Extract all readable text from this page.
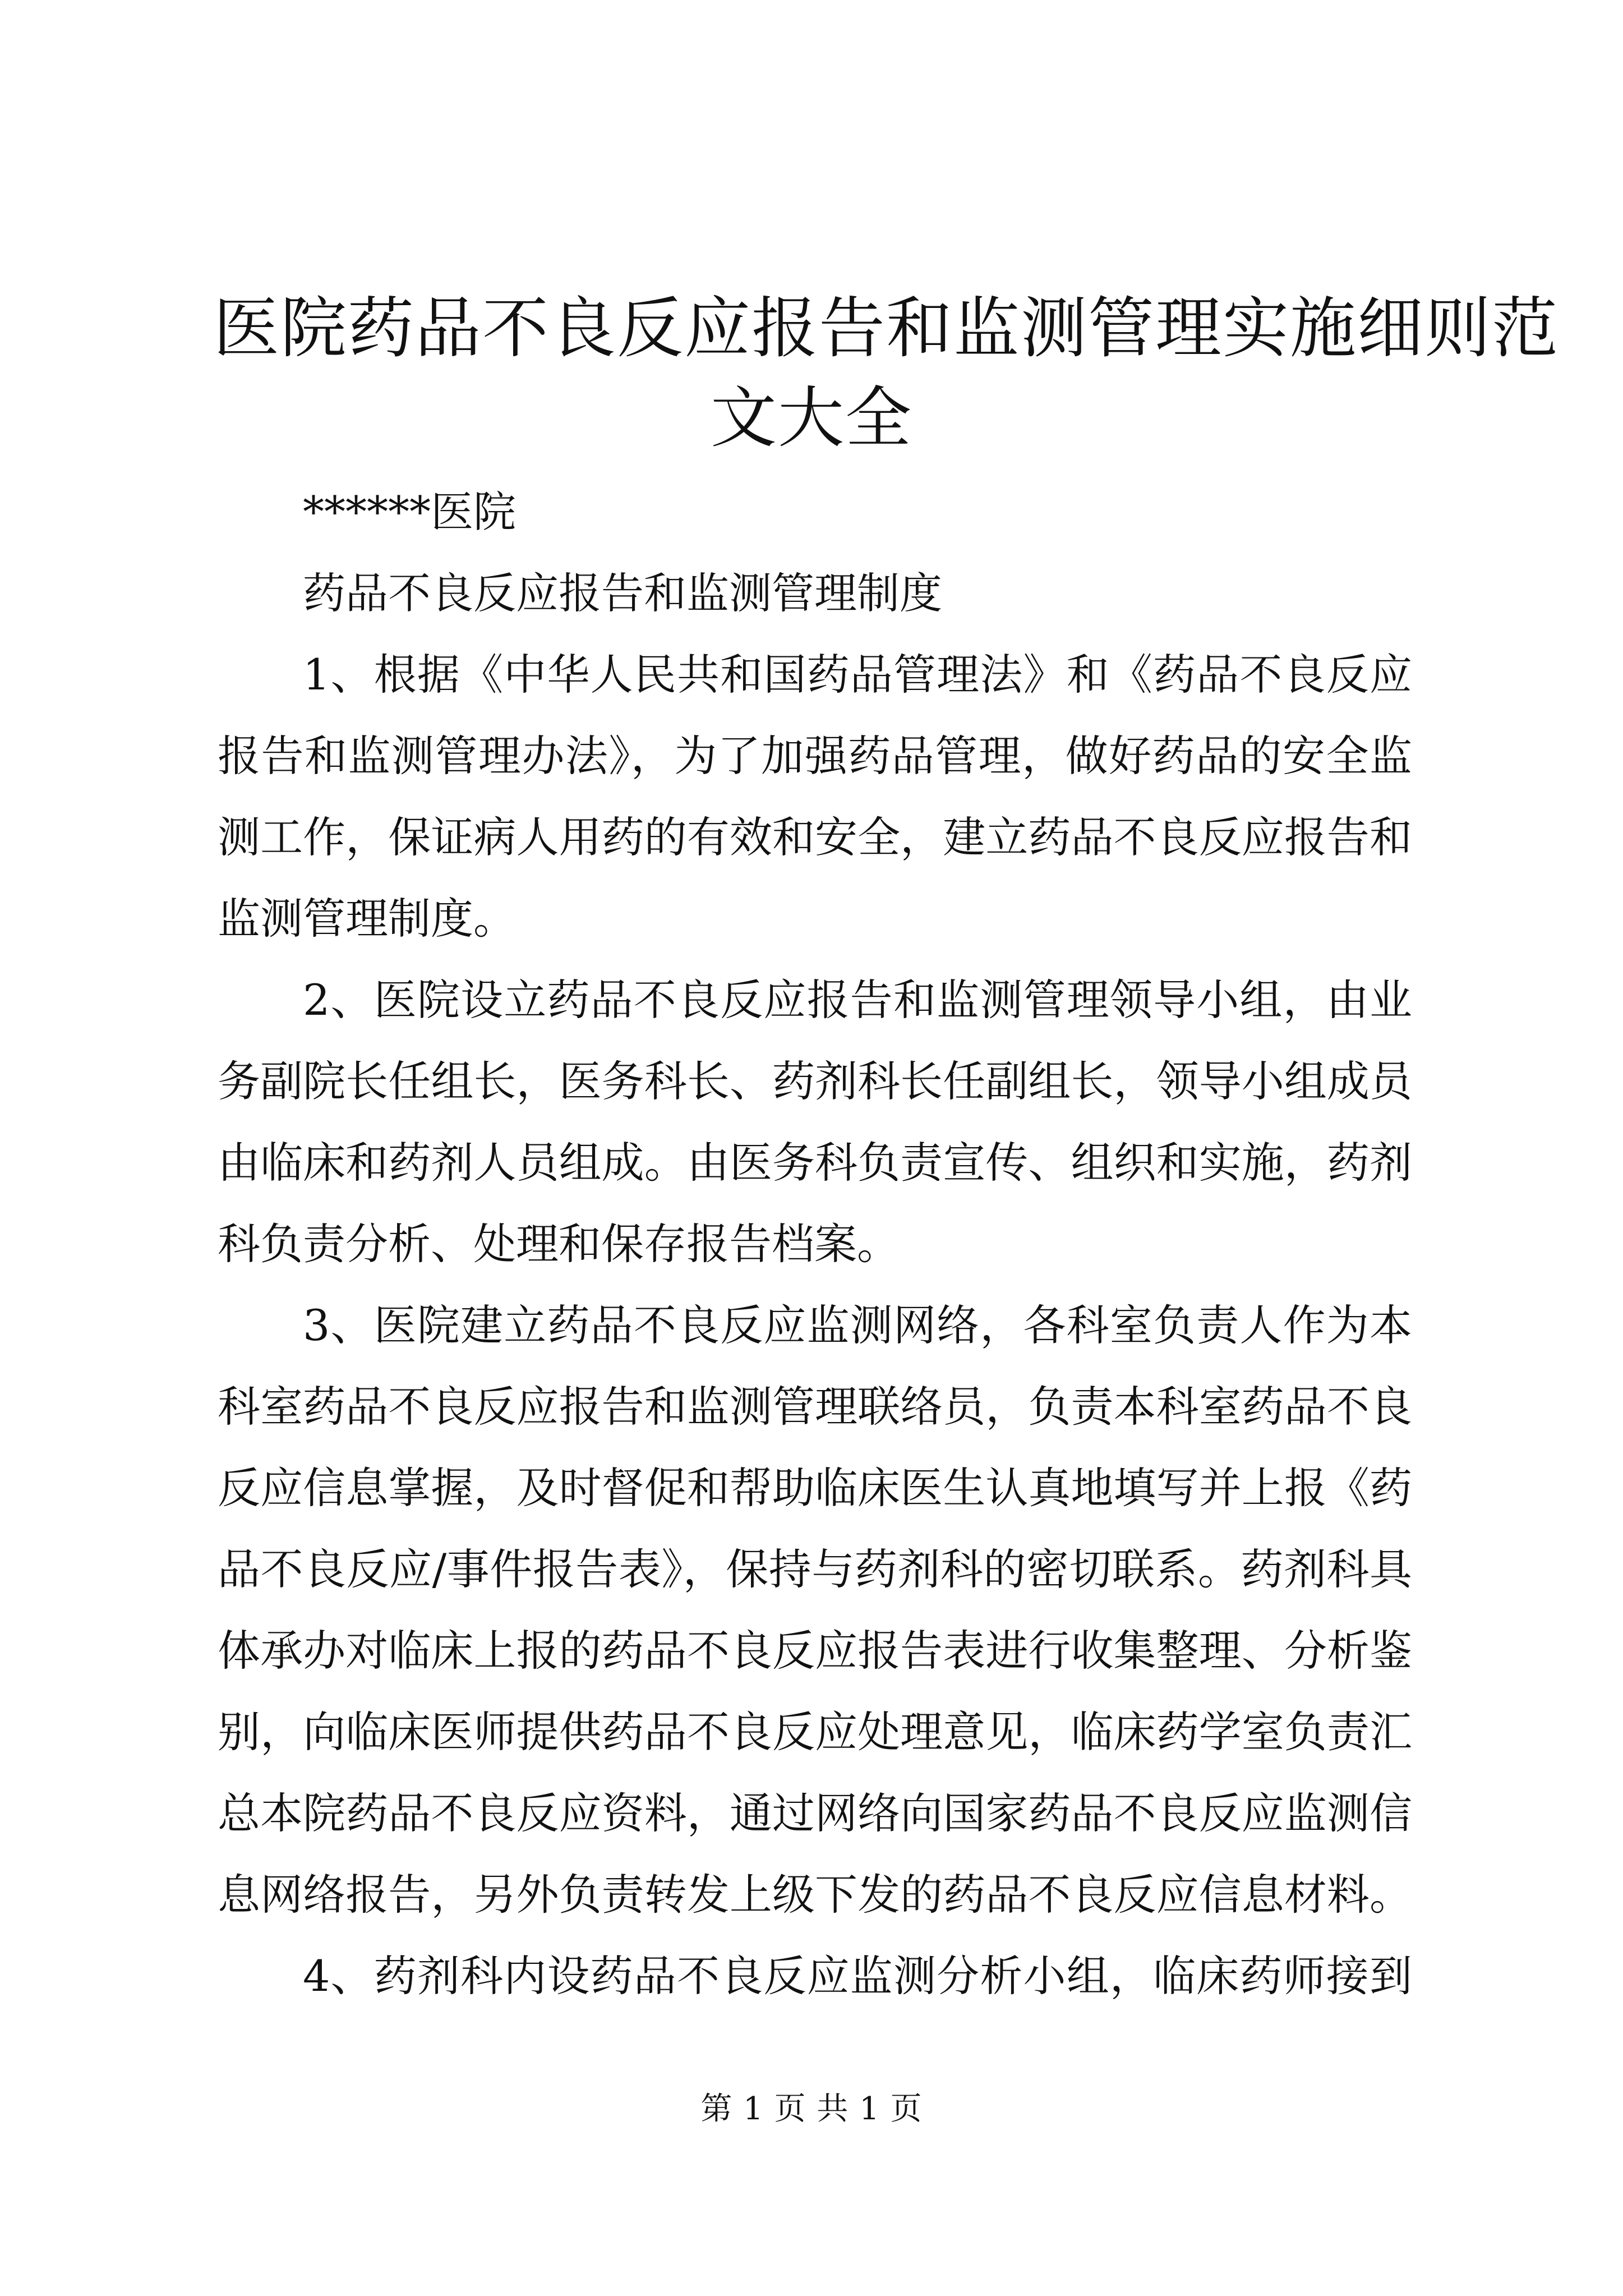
医院药品不良反应报告和监测管理实施细则范
文大全
******医院
药品不良反应报告和监测管理制度
1、根据《中华人民共和国药品管理法》和《药品不良反应
报告和监测管理办法》，为了加强药品管理，做好药品的安全监
测工作，保证病人用药的有效和安全，建立药品不良反应报告和
监测管理制度。
2、医院设立药品不良反应报告和监测管理领导小组，由业
务副院长任组长，医务科长、药剂科长任副组长，领导小组成员
由临床和药剂人员组成。由医务科负责宣传、组织和实施，药剂
科负责分析、处理和保存报告档案。
3、医院建立药品不良反应监测网络，各科室负责人作为本
科室药品不良反应报告和监测管理联络员，负责本科室药品不良
反应信息掌握，及时督促和帮助临床医生认真地填写并上报《药
品不良反应/事件报告表》，保持与药剂科的密切联系。药剂科具
体承办对临床上报的药品不良反应报告表进行收集整理、分析鉴
别，向临床医师提供药品不良反应处理意见，临床药学室负责汇
总本院药品不良反应资料，通过网络向国家药品不良反应监测信
息网络报告，另外负责转发上级下发的药品不良反应信息材料。
4、药剂科内设药品不良反应监测分析小组，临床药师接到
第 1 页 共 1 页
